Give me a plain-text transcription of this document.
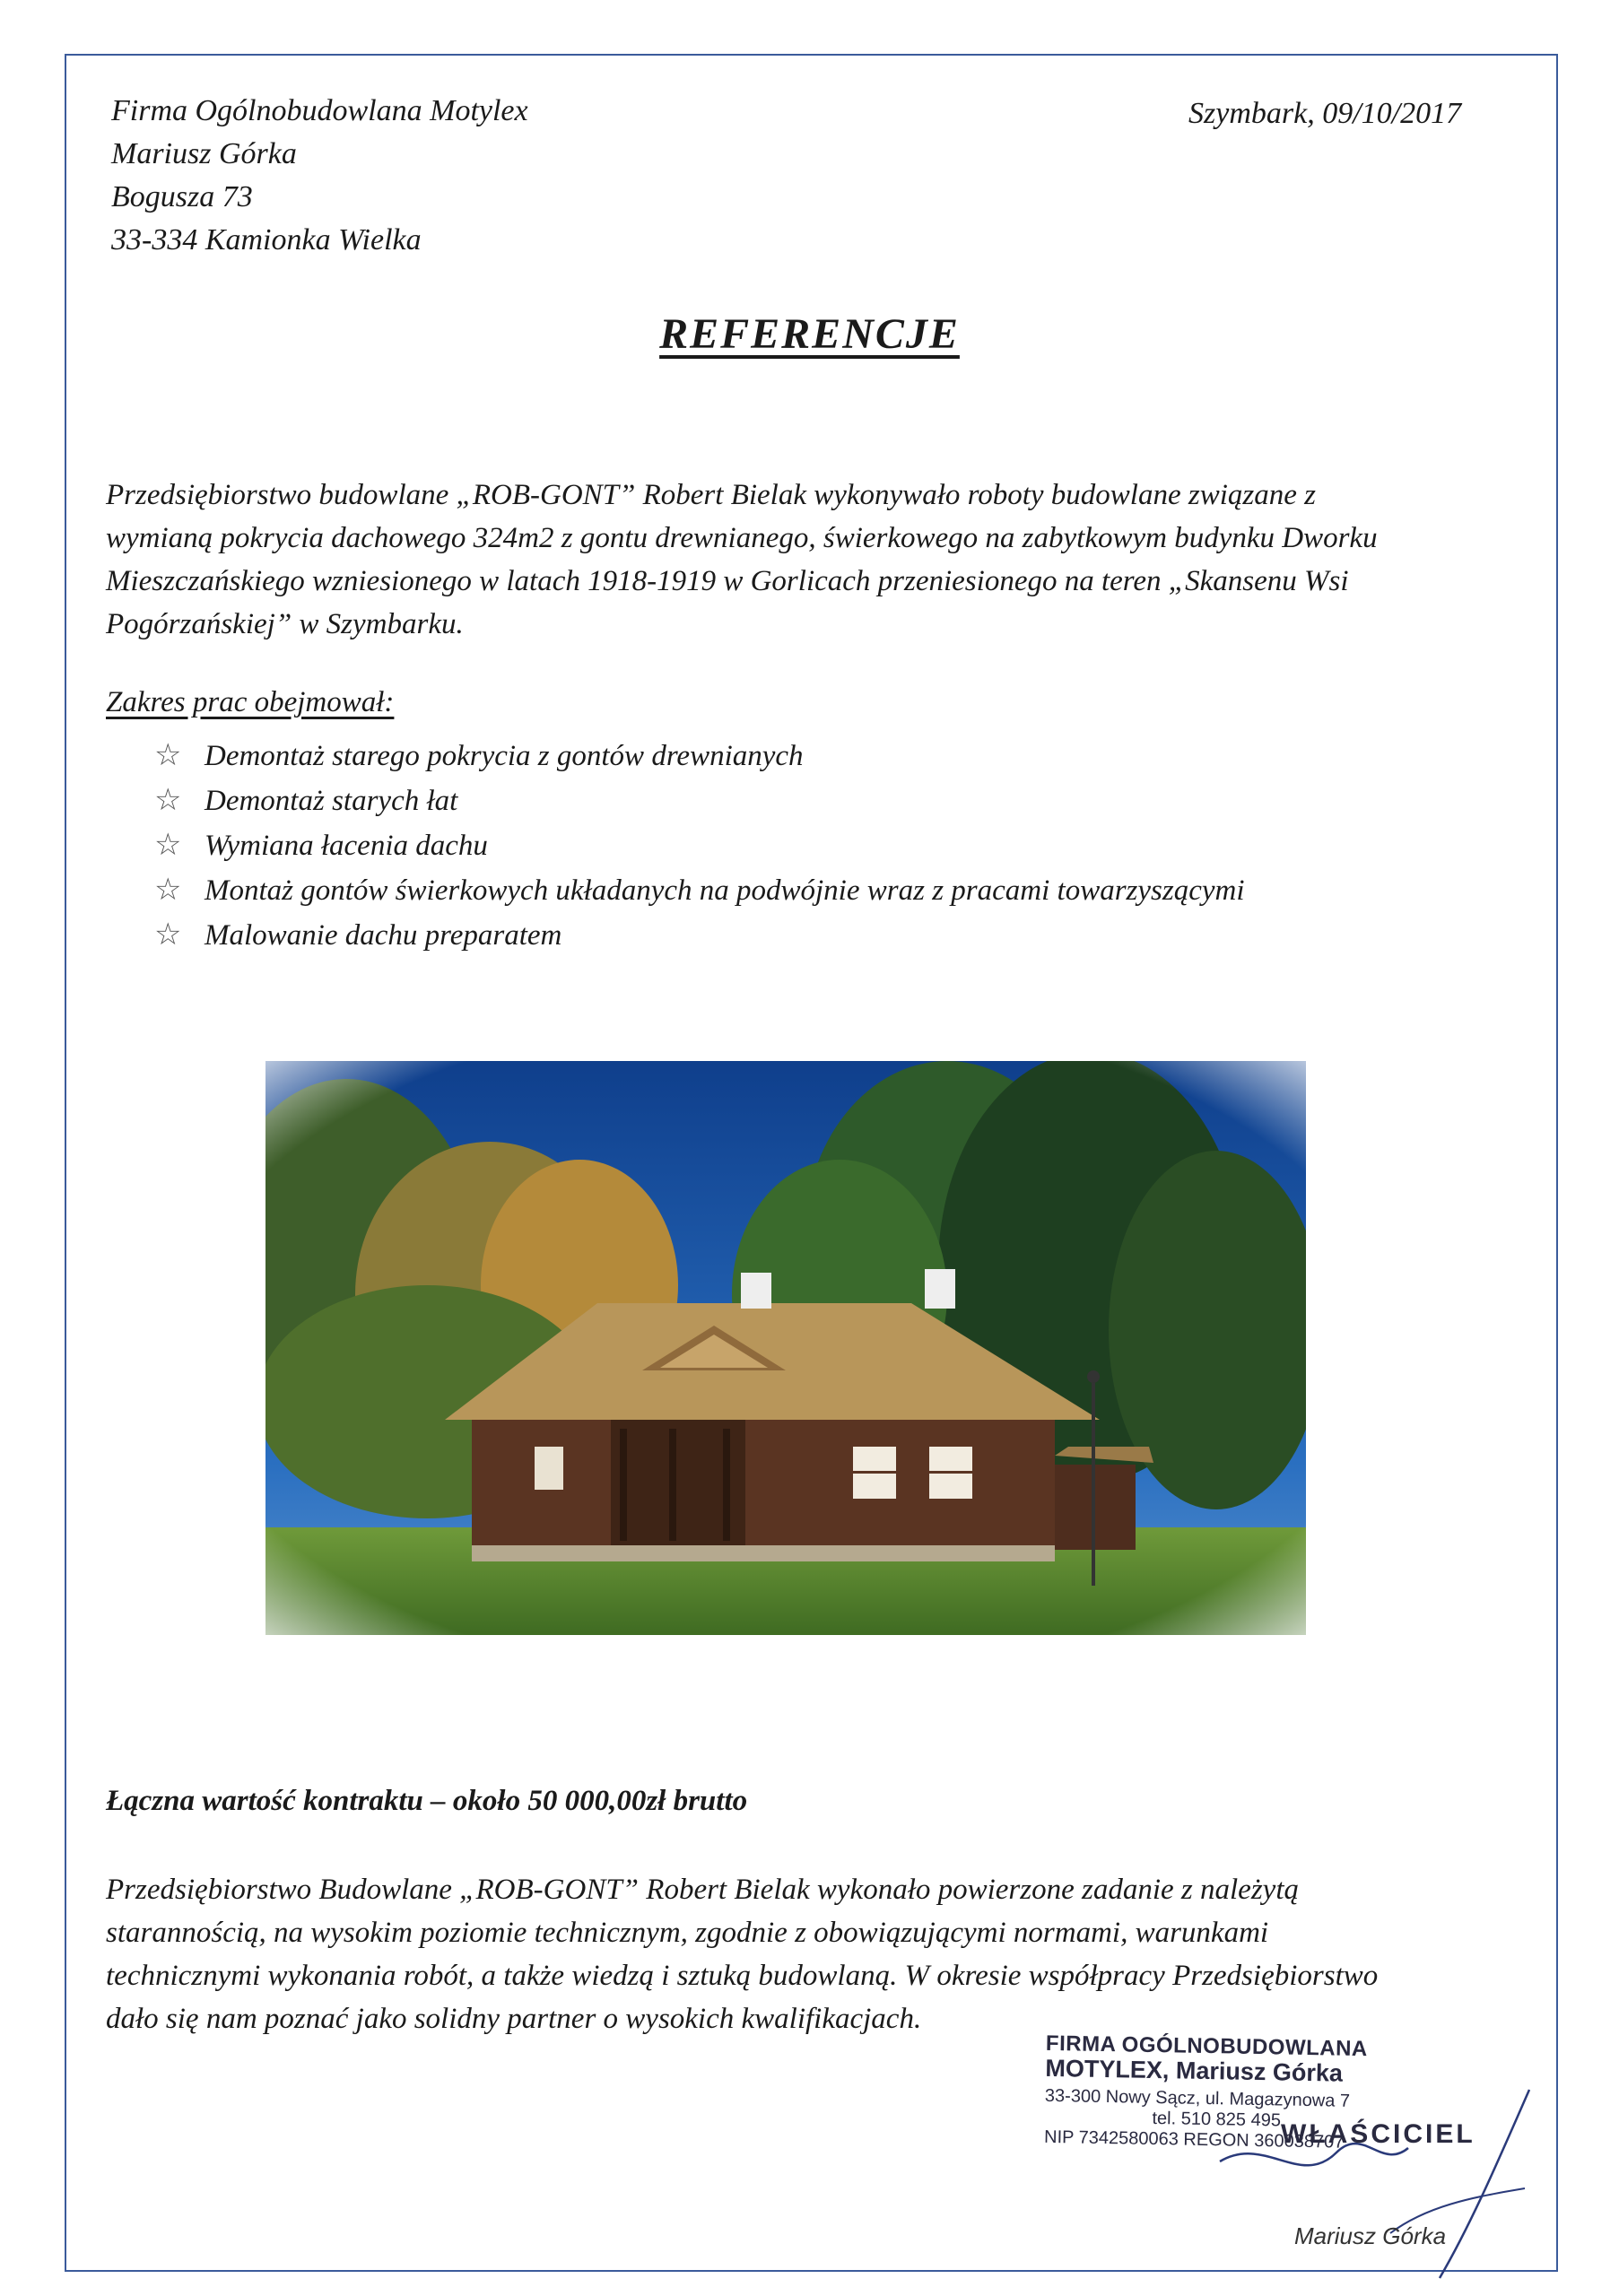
Firma Ogólnobudowlana Motylex
Mariusz Górka
Bogusza 73
33-334 Kamionka Wielka
Szymbark, 09/10/2017
REFERENCJE
Przedsiębiorstwo budowlane „ROB-GONT” Robert Bielak wykonywało roboty budowlane związane z
wymianą pokrycia dachowego 324m2 z gontu drewnianego, świerkowego na zabytkowym budynku Dworku
Mieszczańskiego wzniesionego w latach 1918-1919 w Gorlicach przeniesionego na teren „Skansenu Wsi
Pogórzańskiej” w Szymbarku.
Zakres prac obejmował:
☆ Demontaż starego pokrycia z gontów drewnianych
☆ Demontaż starych łat
☆ Wymiana łacenia dachu
☆ Montaż gontów świerkowych układanych na podwójnie wraz z pracami towarzyszącymi
☆ Malowanie dachu preparatem
Łączna wartość kontraktu – około 50 000,00zł brutto
Przedsiębiorstwo Budowlane „ROB-GONT” Robert Bielak wykonało powierzone zadanie z należytą
starannością, na wysokim poziomie technicznym, zgodnie z obowiązującymi normami, warunkami
technicznymi wykonania robót, a także wiedzą i sztuką budowlaną. W okresie współpracy Przedsiębiorstwo
dało się nam poznać jako solidny partner o wysokich kwalifikacjach.
FIRMA OGÓLNOBUDOWLANA
MOTYLEX, Mariusz Górka
33-300 Nowy Sącz, ul. Magazynowa 7
tel. 510 825 495
NIP 7342580063 REGON 360038707
WŁAŚCICIEL
Mariusz Górka
